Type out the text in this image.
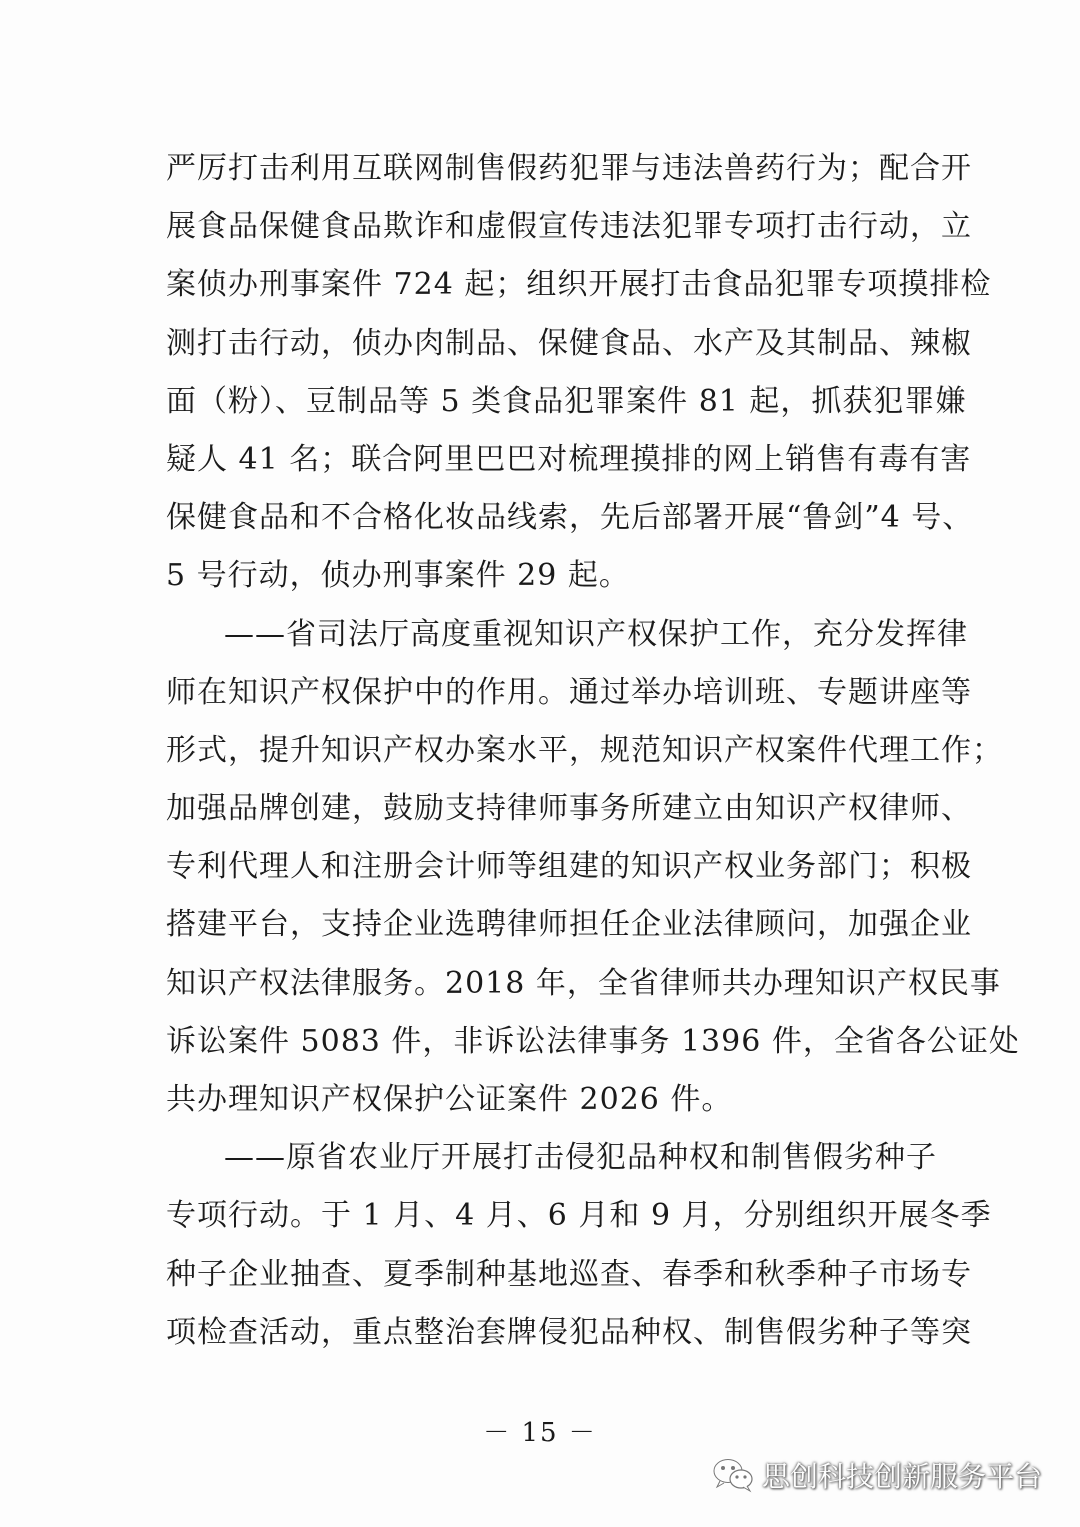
严厉打击利用互联网制售假药犯罪与违法兽药行为；配合开
展食品保健食品欺诈和虚假宣传违法犯罪专项打击行动，立
案侦办刑事案件 724 起；组织开展打击食品犯罪专项摸排检
测打击行动，侦办肉制品、保健食品、水产及其制品、辣椒
面（粉）、豆制品等 5 类食品犯罪案件 81 起，抓获犯罪嫌
疑人 41 名；联合阿里巴巴对梳理摸排的网上销售有毒有害
保健食品和不合格化妆品线索，先后部署开展“鲁剑”4 号、
5 号行动，侦办刑事案件 29 起。
——省司法厅高度重视知识产权保护工作，充分发挥律
师在知识产权保护中的作用。通过举办培训班、专题讲座等
形式，提升知识产权办案水平，规范知识产权案件代理工作；
加强品牌创建，鼓励支持律师事务所建立由知识产权律师、
专利代理人和注册会计师等组建的知识产权业务部门；积极
搭建平台，支持企业选聘律师担任企业法律顾问，加强企业
知识产权法律服务。2018 年，全省律师共办理知识产权民事
诉讼案件 5083 件，非诉讼法律事务 1396 件，全省各公证处
共办理知识产权保护公证案件 2026 件。
——原省农业厅开展打击侵犯品种权和制售假劣种子
专项行动。于 1 月、4 月、6 月和 9 月，分别组织开展冬季
种子企业抽查、夏季制种基地巡查、春季和秋季种子市场专
项检查活动，重点整治套牌侵犯品种权、制售假劣种子等突
－ 15 －
思创科技创新服务平台
